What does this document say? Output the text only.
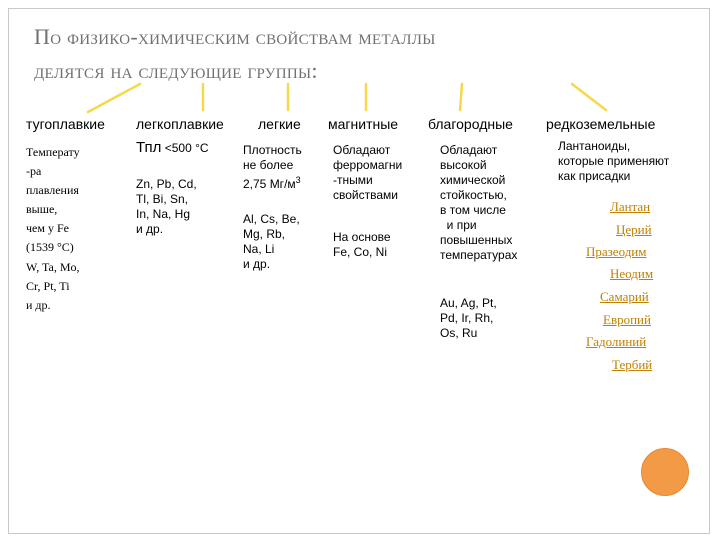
По физико-химическим свойствам металлы
делятся на следующие группы:
тугоплавкие легкоплавкие легкие магнитные благородные редкоземельные
Температу
-ра
плавления
выше,
чем у Fe
(1539 °С)
W, Ta, Mo,
Cr, Pt, Ti
и др.
Тпл <500 °С
Zn, Pb, Cd,
Tl, Bi, Sn,
In, Na, Hg
и др.
Плотность
не более
2,75 $Мг/м^3$
Al, Cs, Be,
Mg, Rb,
Na, Li
и др.
Обладают
ферромагни
-тными
свойствами
На основе
Fe, Co, Ni
Обладают
высокой
химической
стойкостью,
в том числе
и при
повышенных
температурах
Au, Ag, Pt,
Pd, Ir, Rh,
Os, Ru
Лантаноиды,
которые применяют
как присадки
Лантан
Церий
Празеодим
Неодим
Самарий
Европий
Гадолиний
Тербий
